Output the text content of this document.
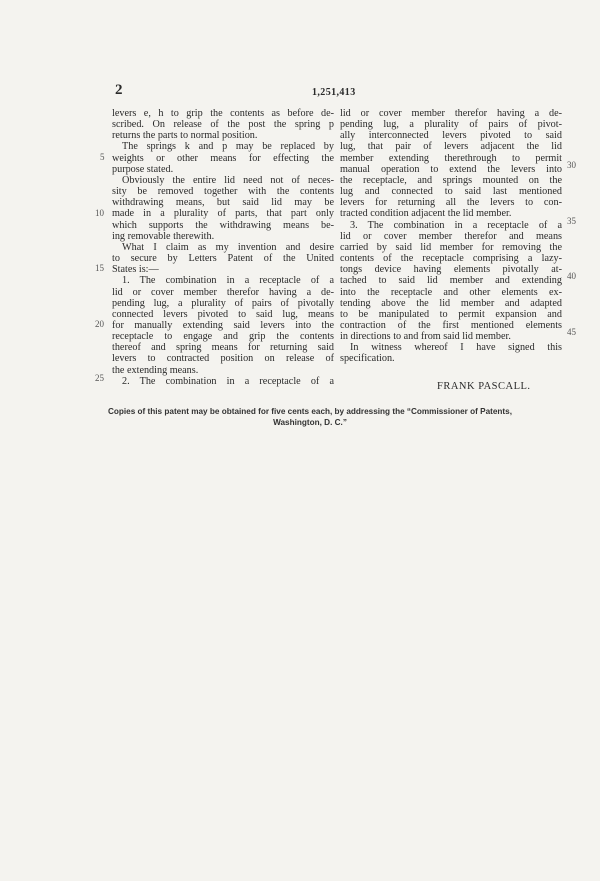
2	1,251,413
levers e, h to grip the contents as before de-
scribed. On release of the post the spring p
returns the parts to normal position.
The springs k and p may be replaced by
weights or other means for effecting the
purpose stated.
Obviously the entire lid need not of neces-
sity be removed together with the contents
withdrawing means, but said lid may be
made in a plurality of parts, that part only
which supports the withdrawing means be-
ing removable therewith.
What I claim as my invention and desire
to secure by Letters Patent of the United
States is:—
1. The combination in a receptacle of a
lid or cover member therefor having a de-
pending lug, a plurality of pairs of pivotally
connected levers pivoted to said lug, means
for manually extending said levers into the
receptacle to engage and grip the contents
thereof and spring means for returning said
levers to contracted position on release of
the extending means.
2. The combination in a receptacle of a
lid or cover member therefor having a de-
pending lug, a plurality of pairs of pivot-
ally interconnected levers pivoted to said
lug, that pair of levers adjacent the lid
member extending therethrough to permit
manual operation to extend the levers into
the receptacle, and springs mounted on the
lug and connected to said last mentioned
levers for returning all the levers to con-
tracted condition adjacent the lid member.
3. The combination in a receptacle of a
lid or cover member therefor and means
carried by said lid member for removing the
contents of the receptacle comprising a lazy-
tongs device having elements pivotally at-
tached to said lid member and extending
into the receptacle and other elements ex-
tending above the lid member and adapted
to be manipulated to permit expansion and
contraction of the first mentioned elements
in directions to and from said lid member.
In witness whereof I have signed this
specification.
5
10
15
20
25
30
35
40
45
FRANK PASCALL.
Copies of this patent may be obtained for five cents each, by addressing the “Commissioner of Patents,
Washington, D. C.”
